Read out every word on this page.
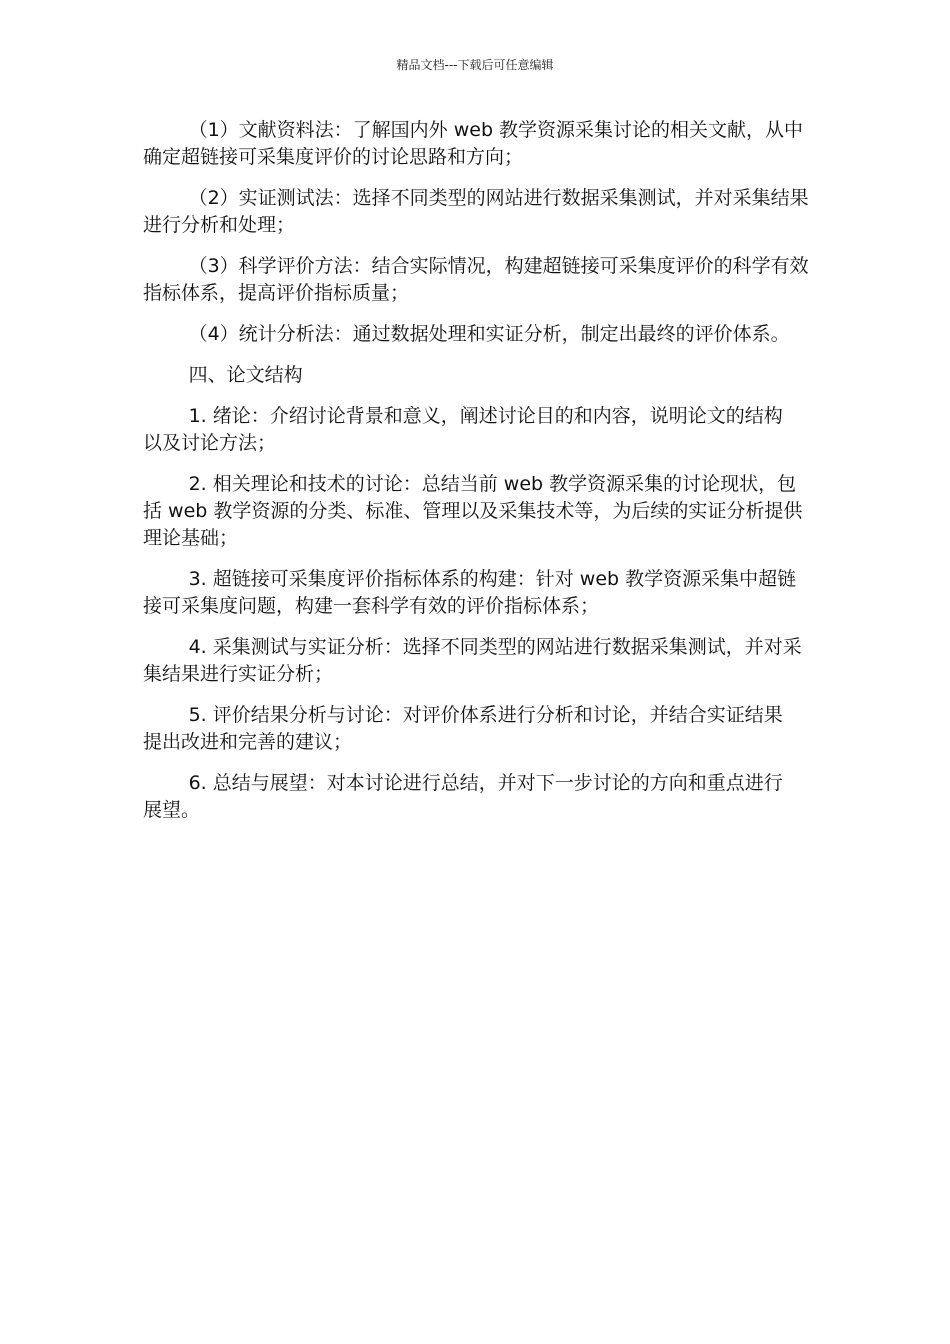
精品文档---下载后可任意编辑

（1）文献资料法：了解国内外 web 教学资源采集讨论的相关文献，从中确定超链接可采集度评价的讨论思路和方向；

（2）实证测试法：选择不同类型的网站进行数据采集测试，并对采集结果进行分析和处理；

（3）科学评价方法：结合实际情况，构建超链接可采集度评价的科学有效指标体系，提高评价指标质量；

（4）统计分析法：通过数据处理和实证分析，制定出最终的评价体系。

四、论文结构

1. 绪论：介绍讨论背景和意义，阐述讨论目的和内容，说明论文的结构以及讨论方法；

2. 相关理论和技术的讨论：总结当前 web 教学资源采集的讨论现状，包括 web 教学资源的分类、标准、管理以及采集技术等，为后续的实证分析提供理论基础；

3. 超链接可采集度评价指标体系的构建：针对 web 教学资源采集中超链接可采集度问题，构建一套科学有效的评价指标体系；

4. 采集测试与实证分析：选择不同类型的网站进行数据采集测试，并对采集结果进行实证分析；

5. 评价结果分析与讨论：对评价体系进行分析和讨论，并结合实证结果提出改进和完善的建议；

6. 总结与展望：对本讨论进行总结，并对下一步讨论的方向和重点进行展望。
